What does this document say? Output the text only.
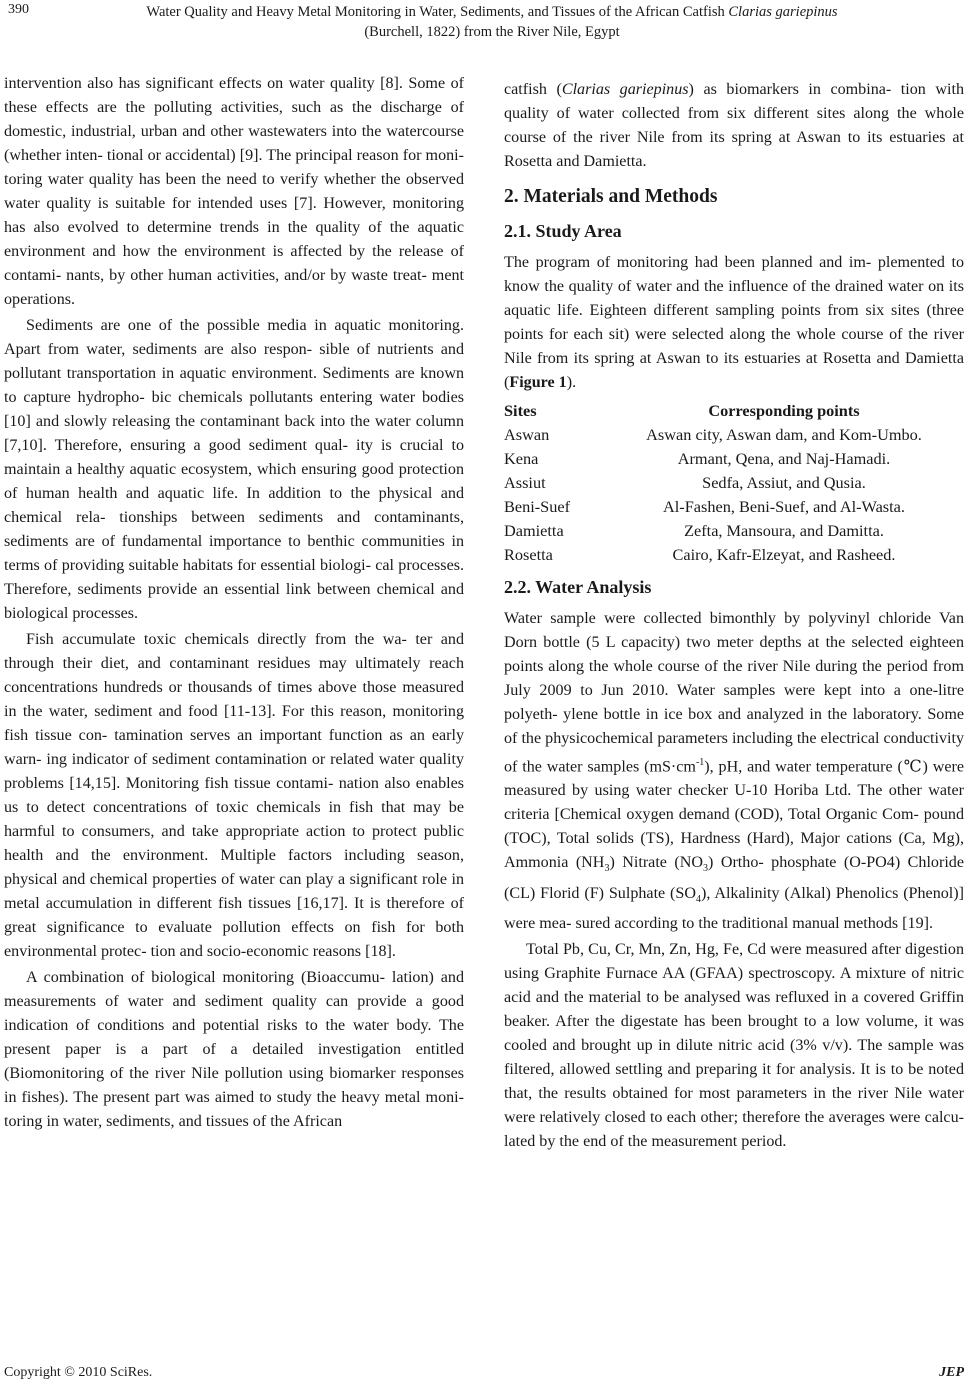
390	Water Quality and Heavy Metal Monitoring in Water, Sediments, and Tissues of the African Catfish Clarias gariepinus
(Burchell, 1822) from the River Nile, Egypt

intervention also has significant effects on water quality [8]. Some of these effects are the polluting activities, such as the discharge of domestic, industrial, urban and other wastewaters into the watercourse (whether inten- tional or accidental) [9]. The principal reason for moni- toring water quality has been the need to verify whether the observed water quality is suitable for intended uses [7]. However, monitoring has also evolved to determine trends in the quality of the aquatic environment and how the environment is affected by the release of contami- nants, by other human activities, and/or by waste treat- ment operations.

Sediments are one of the possible media in aquatic monitoring. Apart from water, sediments are also respon- sible of nutrients and pollutant transportation in aquatic environment. Sediments are known to capture hydropho- bic chemicals pollutants entering water bodies [10] and slowly releasing the contaminant back into the water column [7,10]. Therefore, ensuring a good sediment qual- ity is crucial to maintain a healthy aquatic ecosystem, which ensuring good protection of human health and aquatic life. In addition to the physical and chemical rela- tionships between sediments and contaminants, sediments are of fundamental importance to benthic communities in terms of providing suitable habitats for essential biologi- cal processes. Therefore, sediments provide an essential link between chemical and biological processes.

Fish accumulate toxic chemicals directly from the wa- ter and through their diet, and contaminant residues may ultimately reach concentrations hundreds or thousands of times above those measured in the water, sediment and food [11-13]. For this reason, monitoring fish tissue con- tamination serves an important function as an early warn- ing indicator of sediment contamination or related water quality problems [14,15]. Monitoring fish tissue contami- nation also enables us to detect concentrations of toxic chemicals in fish that may be harmful to consumers, and take appropriate action to protect public health and the environment. Multiple factors including season, physical and chemical properties of water can play a significant role in metal accumulation in different fish tissues [16,17]. It is therefore of great significance to evaluate pollution effects on fish for both environmental protec- tion and socio-economic reasons [18].

A combination of biological monitoring (Bioaccumu- lation) and measurements of water and sediment quality can provide a good indication of conditions and potential risks to the water body. The present paper is a part of a detailed investigation entitled (Biomonitoring of the river Nile pollution using biomarker responses in fishes). The present part was aimed to study the heavy metal moni- toring in water, sediments, and tissues of the African

catfish (Clarias gariepinus) as biomarkers in combina- tion with quality of water collected from six different sites along the whole course of the river Nile from its spring at Aswan to its estuaries at Rosetta and Damietta.

2. Materials and Methods
2.1. Study Area

The program of monitoring had been planned and im- plemented to know the quality of water and the influence of the drained water on its aquatic life. Eighteen different sampling points from six sites (three points for each sit) were selected along the whole course of the river Nile from its spring at Aswan to its estuaries at Rosetta and Damietta (Figure 1).

Sites	Corresponding points
Aswan	Aswan city, Aswan dam, and Kom-Umbo.
Kena	Armant, Qena, and Naj-Hamadi.
Assiut	Sedfa, Assiut, and Qusia.
Beni-Suef	Al-Fashen, Beni-Suef, and Al-Wasta.
Damietta	Zefta, Mansoura, and Damitta.
Rosetta	Cairo, Kafr-Elzeyat, and Rasheed.
2.2. Water Analysis

Water sample were collected bimonthly by polyvinyl chloride Van Dorn bottle (5 L capacity) two meter depths at the selected eighteen points along the whole course of the river Nile during the period from July 2009 to Jun 2010. Water samples were kept into a one-litre polyeth- ylene bottle in ice box and analyzed in the laboratory. Some of the physicochemical parameters including the electrical conductivity of the water samples $(mS\cdot cm^{-1})$, pH, and water temperature (℃) were measured by using water checker U-10 Horiba Ltd. The other water criteria [Chemical oxygen demand (COD), Total Organic Com- pound (TOC), Total solids (TS), Hardness (Hard), Major cations (Ca, Mg), Ammonia $(NH_3)$ Nitrate $(NO_3)$ Ortho- phosphate (O-PO4) Chloride (CL) Florid (F) Sulphate $(SO_4)$, Alkalinity (Alkal) Phenolics (Phenol)] were mea- sured according to the traditional manual methods [19].

Total Pb, Cu, Cr, Mn, Zn, Hg, Fe, Cd were measured after digestion using Graphite Furnace AA (GFAA) spectroscopy. A mixture of nitric acid and the material to be analysed was refluxed in a covered Griffin beaker. After the digestate has been brought to a low volume, it was cooled and brought up in dilute nitric acid (3% v/v). The sample was filtered, allowed settling and preparing it for analysis. It is to be noted that, the results obtained for most parameters in the river Nile water were relatively closed to each other; therefore the averages were calcu- lated by the end of the measurement period.

Copyright © 2010 SciRes.	JEP
